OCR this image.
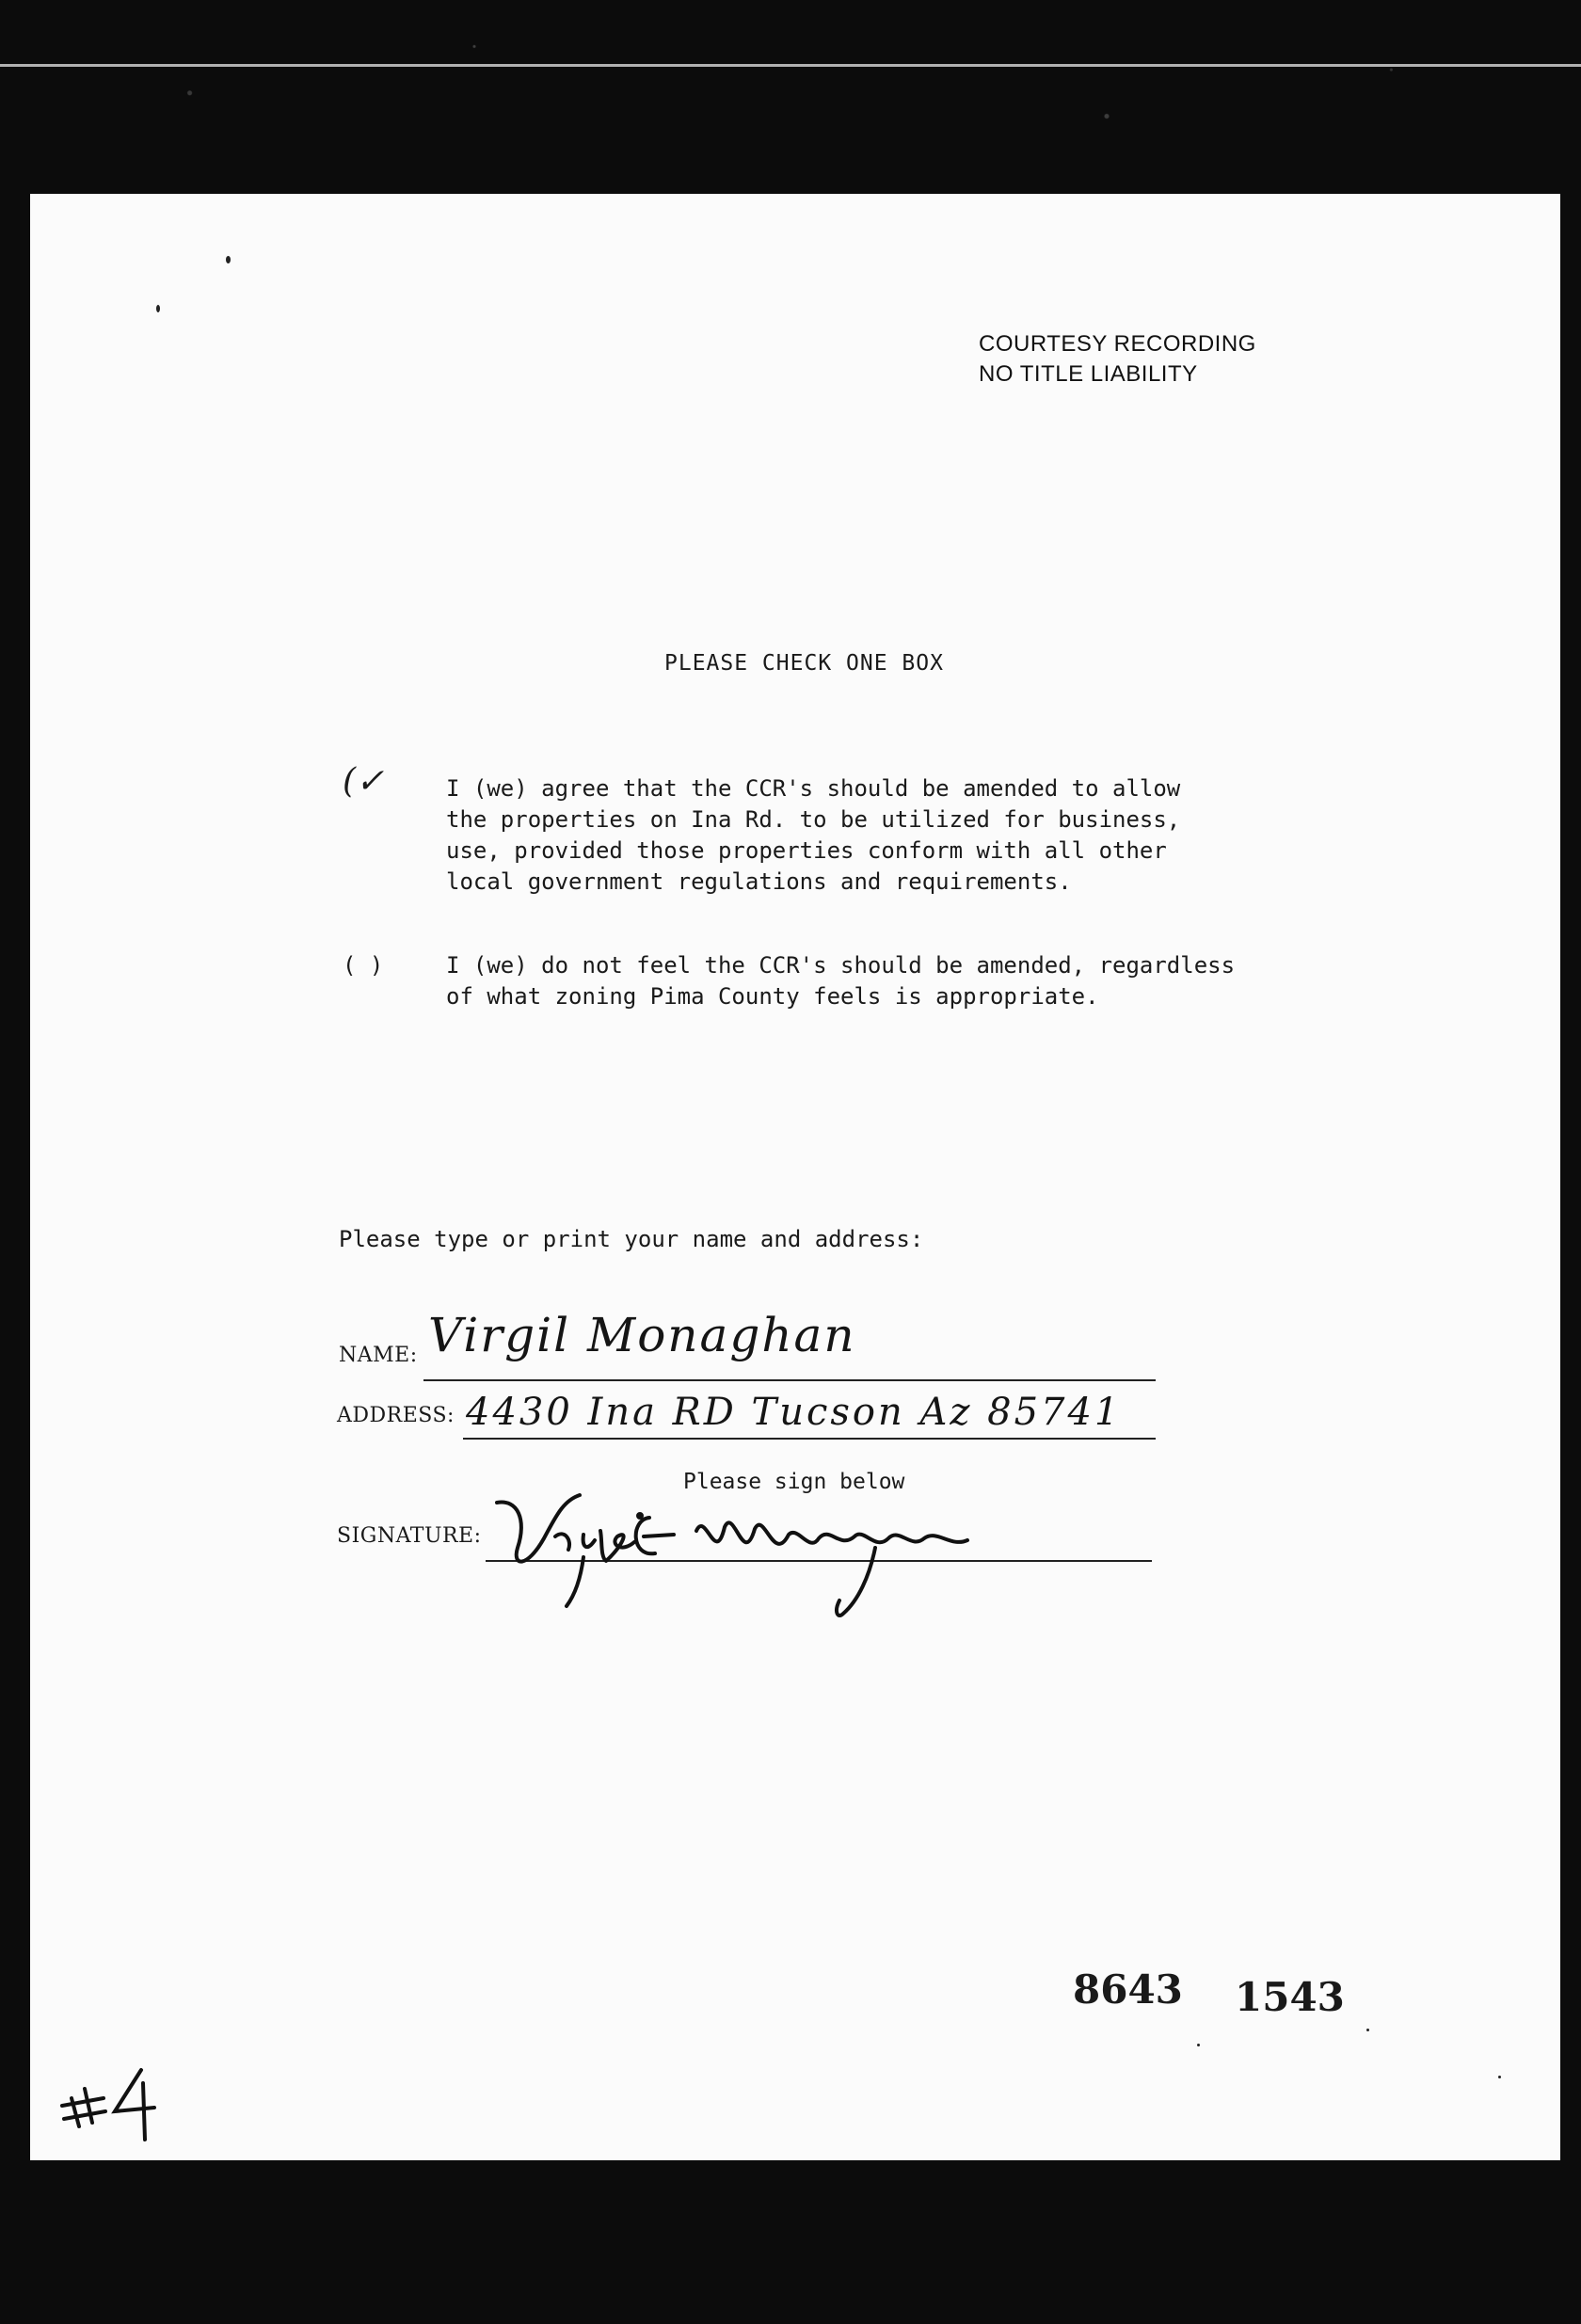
COURTESY RECORDING
NO TITLE LIABILITY
PLEASE CHECK ONE BOX
(✓	I (we) agree that the CCR's should be amended to allow
the properties on Ina Rd. to be utilized for business,
use, provided those properties conform with all other
local government regulations and requirements.
( )	I (we) do not feel the CCR's should be amended, regardless
of what zoning Pima County feels is appropriate.
Please type or print your name and address:
NAME: Virgil Monaghan
ADDRESS: 4430 Ina RD Tucson Az 85741
Please sign below
SIGNATURE:
8643 1543
